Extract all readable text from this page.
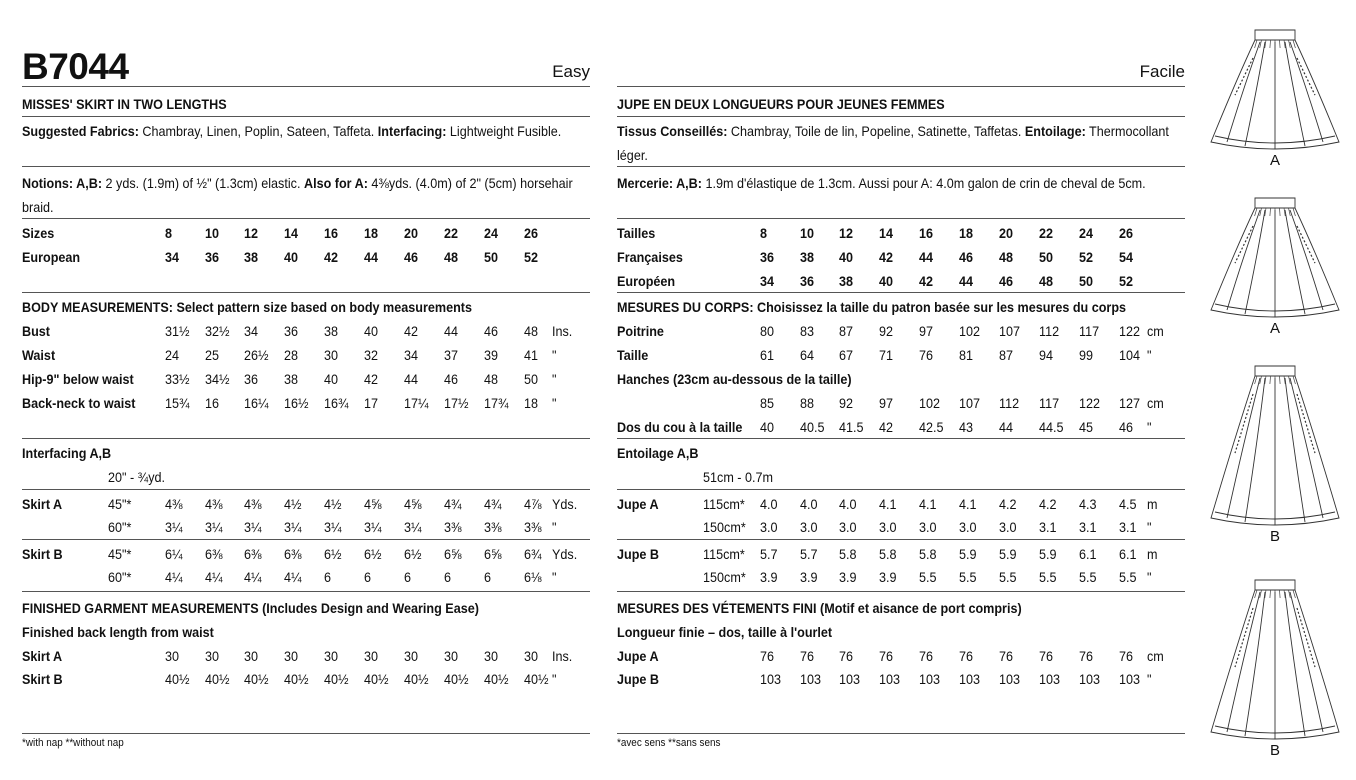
B7044	Easy
MISSES' SKIRT IN TWO LENGTHS
Suggested Fabrics: Chambray, Linen, Poplin, Sateen, Taffeta. Interfacing: Lightweight Fusible.
Notions: A,B: 2 yds. (1.9m) of ½" (1.3cm) elastic. Also for A: 4⅜yds. (4.0m) of 2" (5cm) horsehair braid.
Sizes	8 10 12 14 16 18 20 22 24 26
European	34 36 38 40 42 44 46 48 50 52
BODY MEASUREMENTS: Select pattern size based on body measurements
Bust	31½ 32½ 34 36 38 40 42 44 46 48 Ins.
Waist	24 25 26½ 28 30 32 34 37 39 41 "
Hip-9" below waist 33½ 34½ 36 38 40 42 44 46 48 50 "
Back-neck to waist 15¾ 16 16¼ 16½ 16¾ 17 17¼ 17½ 17¾ 18 "
Interfacing A,B
20" - ¾yd.
Skirt A	45"* 4⅜ 4⅜ 4⅜ 4½ 4½ 4⅝ 4⅝ 4¾ 4¾ 4⅞ Yds.
60"* 3¼ 3¼ 3¼ 3¼ 3¼ 3¼ 3¼ 3⅜ 3⅜ 3⅜ "
Skirt B	45"* 6¼ 6⅜ 6⅜ 6⅜ 6½ 6½ 6½ 6⅝ 6⅝ 6¾ Yds.
60"* 4¼ 4¼ 4¼ 4¼ 6 6 6 6 6 6⅛ "
FINISHED GARMENT MEASUREMENTS (Includes Design and Wearing Ease)
Finished back length from waist
Skirt A	30 30 30 30 30 30 30 30 30 30 Ins.
Skirt B	40½ 40½ 40½ 40½ 40½ 40½ 40½ 40½ 40½ 40½ "
*with nap **without nap
Facile
JUPE EN DEUX LONGUEURS POUR JEUNES FEMMES
Tissus Conseillés: Chambray, Toile de lin, Popeline, Satinette, Taffetas. Entoilage: Thermocollant léger.
Mercerie: A,B: 1.9m d'élastique de 1.3cm. Aussi pour A: 4.0m galon de crin de cheval de 5cm.
Tailles	8 10 12 14 16 18 20 22 24 26
Françaises	36 38 40 42 44 46 48 50 52 54
Européen	34 36 38 40 42 44 46 48 50 52
MESURES DU CORPS: Choisissez la taille du patron basée sur les mesures du corps
Poitrine	80 83 87 92 97 102 107 112 117 122 cm
Taille	61 64 67 71 76 81 87 94 99 104 "
Hanches (23cm au-dessous de la taille)
85 88 92 97 102 107 112 117 122 127 cm
Dos du cou à la taille 40 40.5 41.5 42 42.5 43 44 44.5 45 46 "
Entoilage A,B
51cm - 0.7m
Jupe A	115cm* 4.0 4.0 4.0 4.1 4.1 4.1 4.2 4.2 4.3 4.5 m
150cm* 3.0 3.0 3.0 3.0 3.0 3.0 3.0 3.1 3.1 3.1 "
Jupe B	115cm* 5.7 5.7 5.8 5.8 5.8 5.9 5.9 5.9 6.1 6.1 m
150cm* 3.9 3.9 3.9 3.9 5.5 5.5 5.5 5.5 5.5 5.5 "
MESURES DES VÉTEMENTS FINI (Motif et aisance de port compris)
Longueur finie – dos, taille à l'ourlet
Jupe A	76 76 76 76 76 76 76 76 76 76 cm
Jupe B	103 103 103 103 103 103 103 103 103 103 "
*avec sens **sans sens
A
A
B
B
